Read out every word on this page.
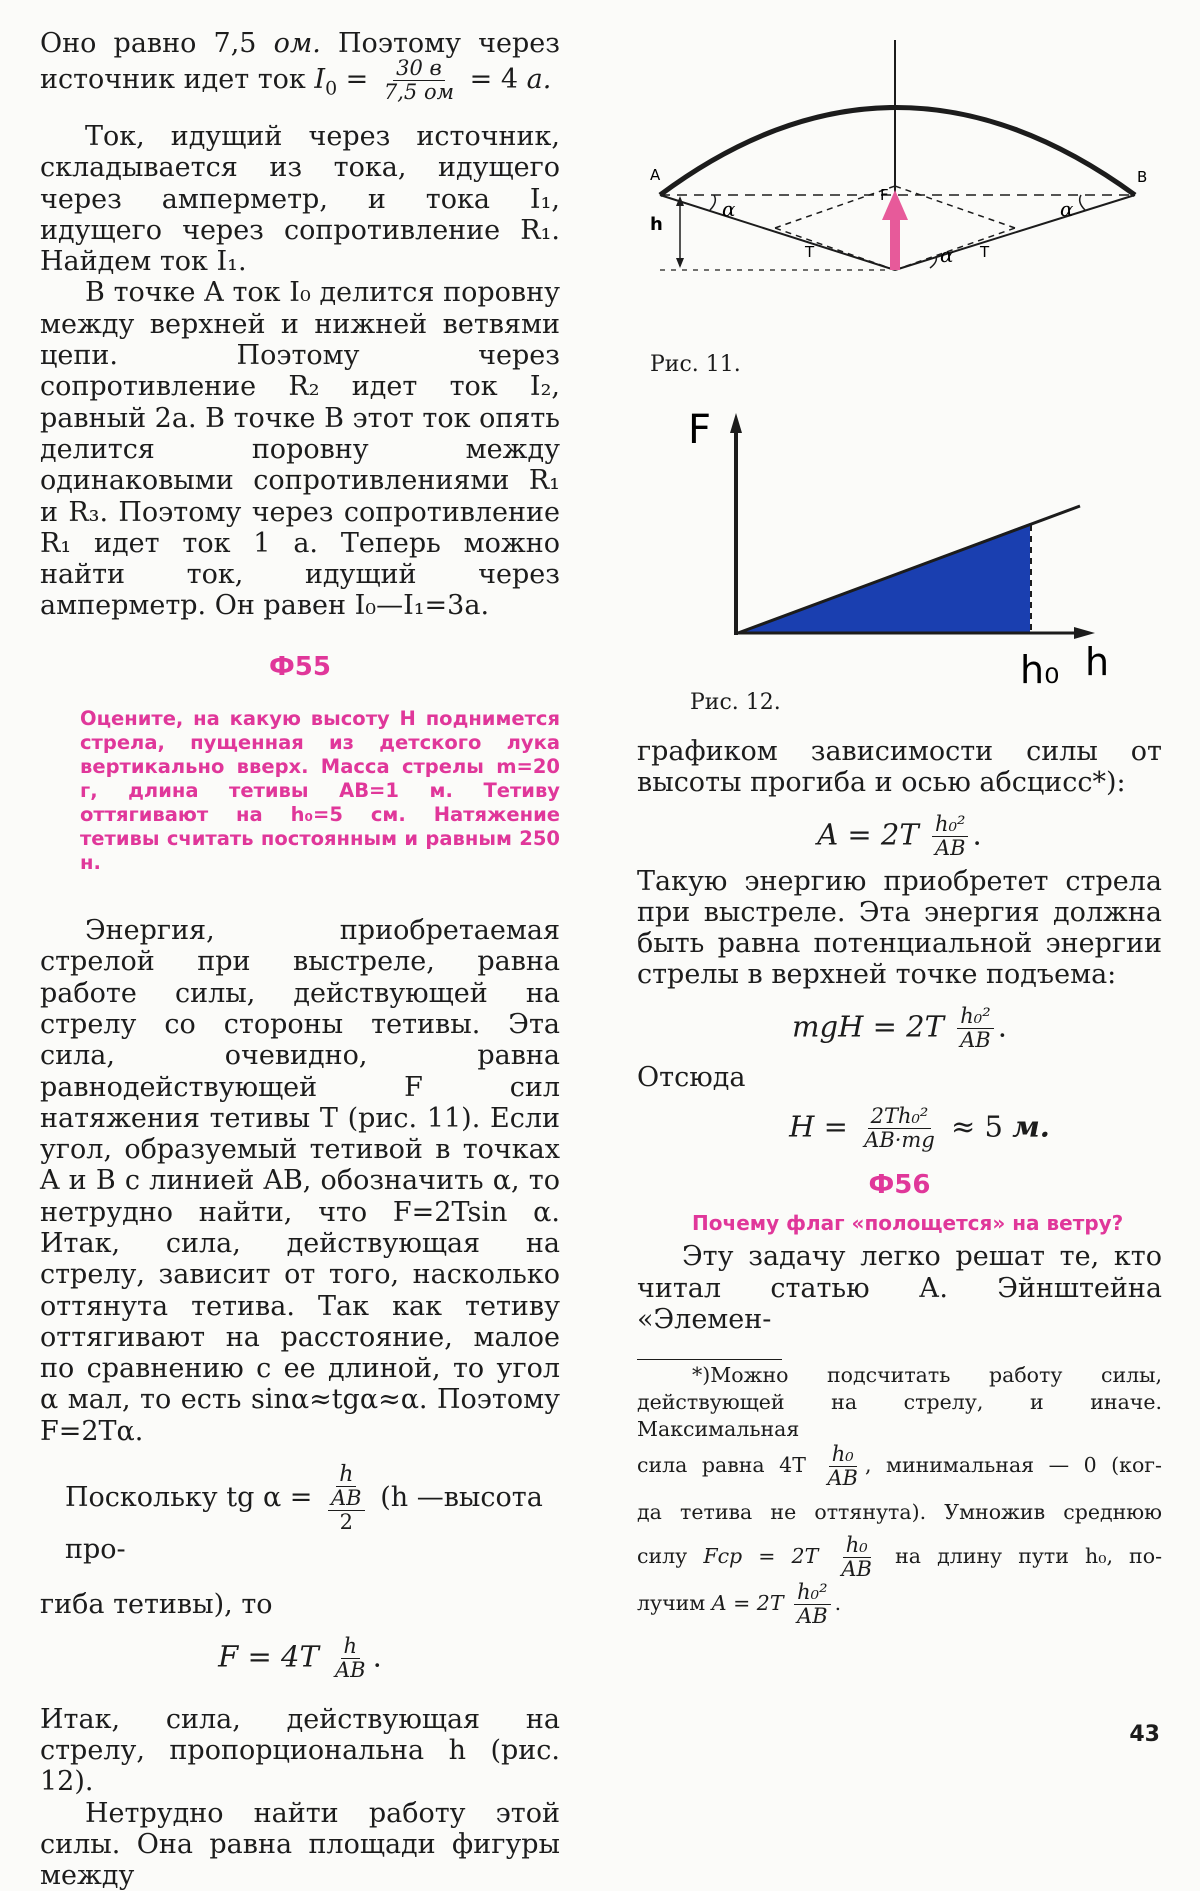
Оно равно 7,5 ом. Поэтому через

источник идет ток $I_0 = \frac{30 в}{7,5 ом} = 4$ а.

Ток, идущий через источник, складывается из тока, идущего через амперметр, и тока I₁, идущего через сопротивление R₁. Найдем ток I₁.

В точке A ток I₀ делится поровну между верхней и нижней ветвями цепи. Поэтому через сопротивление R₂ идет ток I₂, равный 2а. В точке B этот ток опять делится поровну между одинаковыми сопротивлениями R₁ и R₃. Поэтому через сопротивление R₁ идет ток 1 а. Теперь можно найти ток, идущий через амперметр. Он равен I₀—I₁=3а.

Ф55

Оцените, на какую высоту H поднимется стрела, пущенная из детского лука вертикально вверх. Масса стрелы m=20 г, длина тетивы AB=1 м. Тетиву оттягивают на h₀=5 см. Натяжение тетивы считать постоянным и равным 250 н.

Энергия, приобретаемая стрелой при выстреле, равна работе силы, действующей на стрелу со стороны тетивы. Эта сила, очевидно, равна равнодействующей F сил натяжения тетивы T (рис. 11). Если угол, образуемый тетивой в точках A и B с линией AB, обозначить α, то нетрудно найти, что F=2Tsin α. Итак, сила, действующая на стрелу, зависит от того, насколько оттянута тетива. Так как тетиву оттягивают на расстояние, малое по сравнению с ее длиной, то угол α мал, то есть sinα≈tgα≈α. Поэтому F=2Tα.

Поскольку tg $\alpha = \frac{h}{\frac{AB}{2}} (h$ —высота про-

гиба тетивы), то

$F = 4T \frac{h}{AB}$ .

Итак, сила, действующая на стрелу, пропорциональна h (рис. 12).

Нетрудно найти работу этой силы. Она равна площади фигуры между

A	B
F
h
α	α
α
T	T
Рис. 11.
F
h₀ h
Рис. 12.

графиком зависимости силы от высоты прогиба и осью абсцисс*):

$A = 2T \frac{\text{h₀²}}{AB}$ .

Такую энергию приобретет стрела при выстреле. Эта энергия должна быть равна потенциальной энергии стрелы в верхней точке подъема:

mgH = $2T \frac{\text{h₀²}}{AB}$ .

Отсюда

$H = \frac{\text{2Th₀²}}{AB\cdot mg} \approx 5$ м.

Ф56

Почему флаг «полощется» на ветру?

Эту задачу легко решат те, кто читал статью А. Эйнштейна «Элемен-

*)Можно подсчитать работу силы, действующей на стрелу, и иначе. Максимальная

сила равна $4T \frac{\text{h₀}}{AB}$ , минимальная — 0 (ког-

да тетива не оттянута). Умножив среднюю

силу Fср = $2T \frac{\text{h₀}}{AB}$ на длину пути h₀, по-

лучим $A = 2T \frac{\text{h₀²}}{AB}$ .

43
